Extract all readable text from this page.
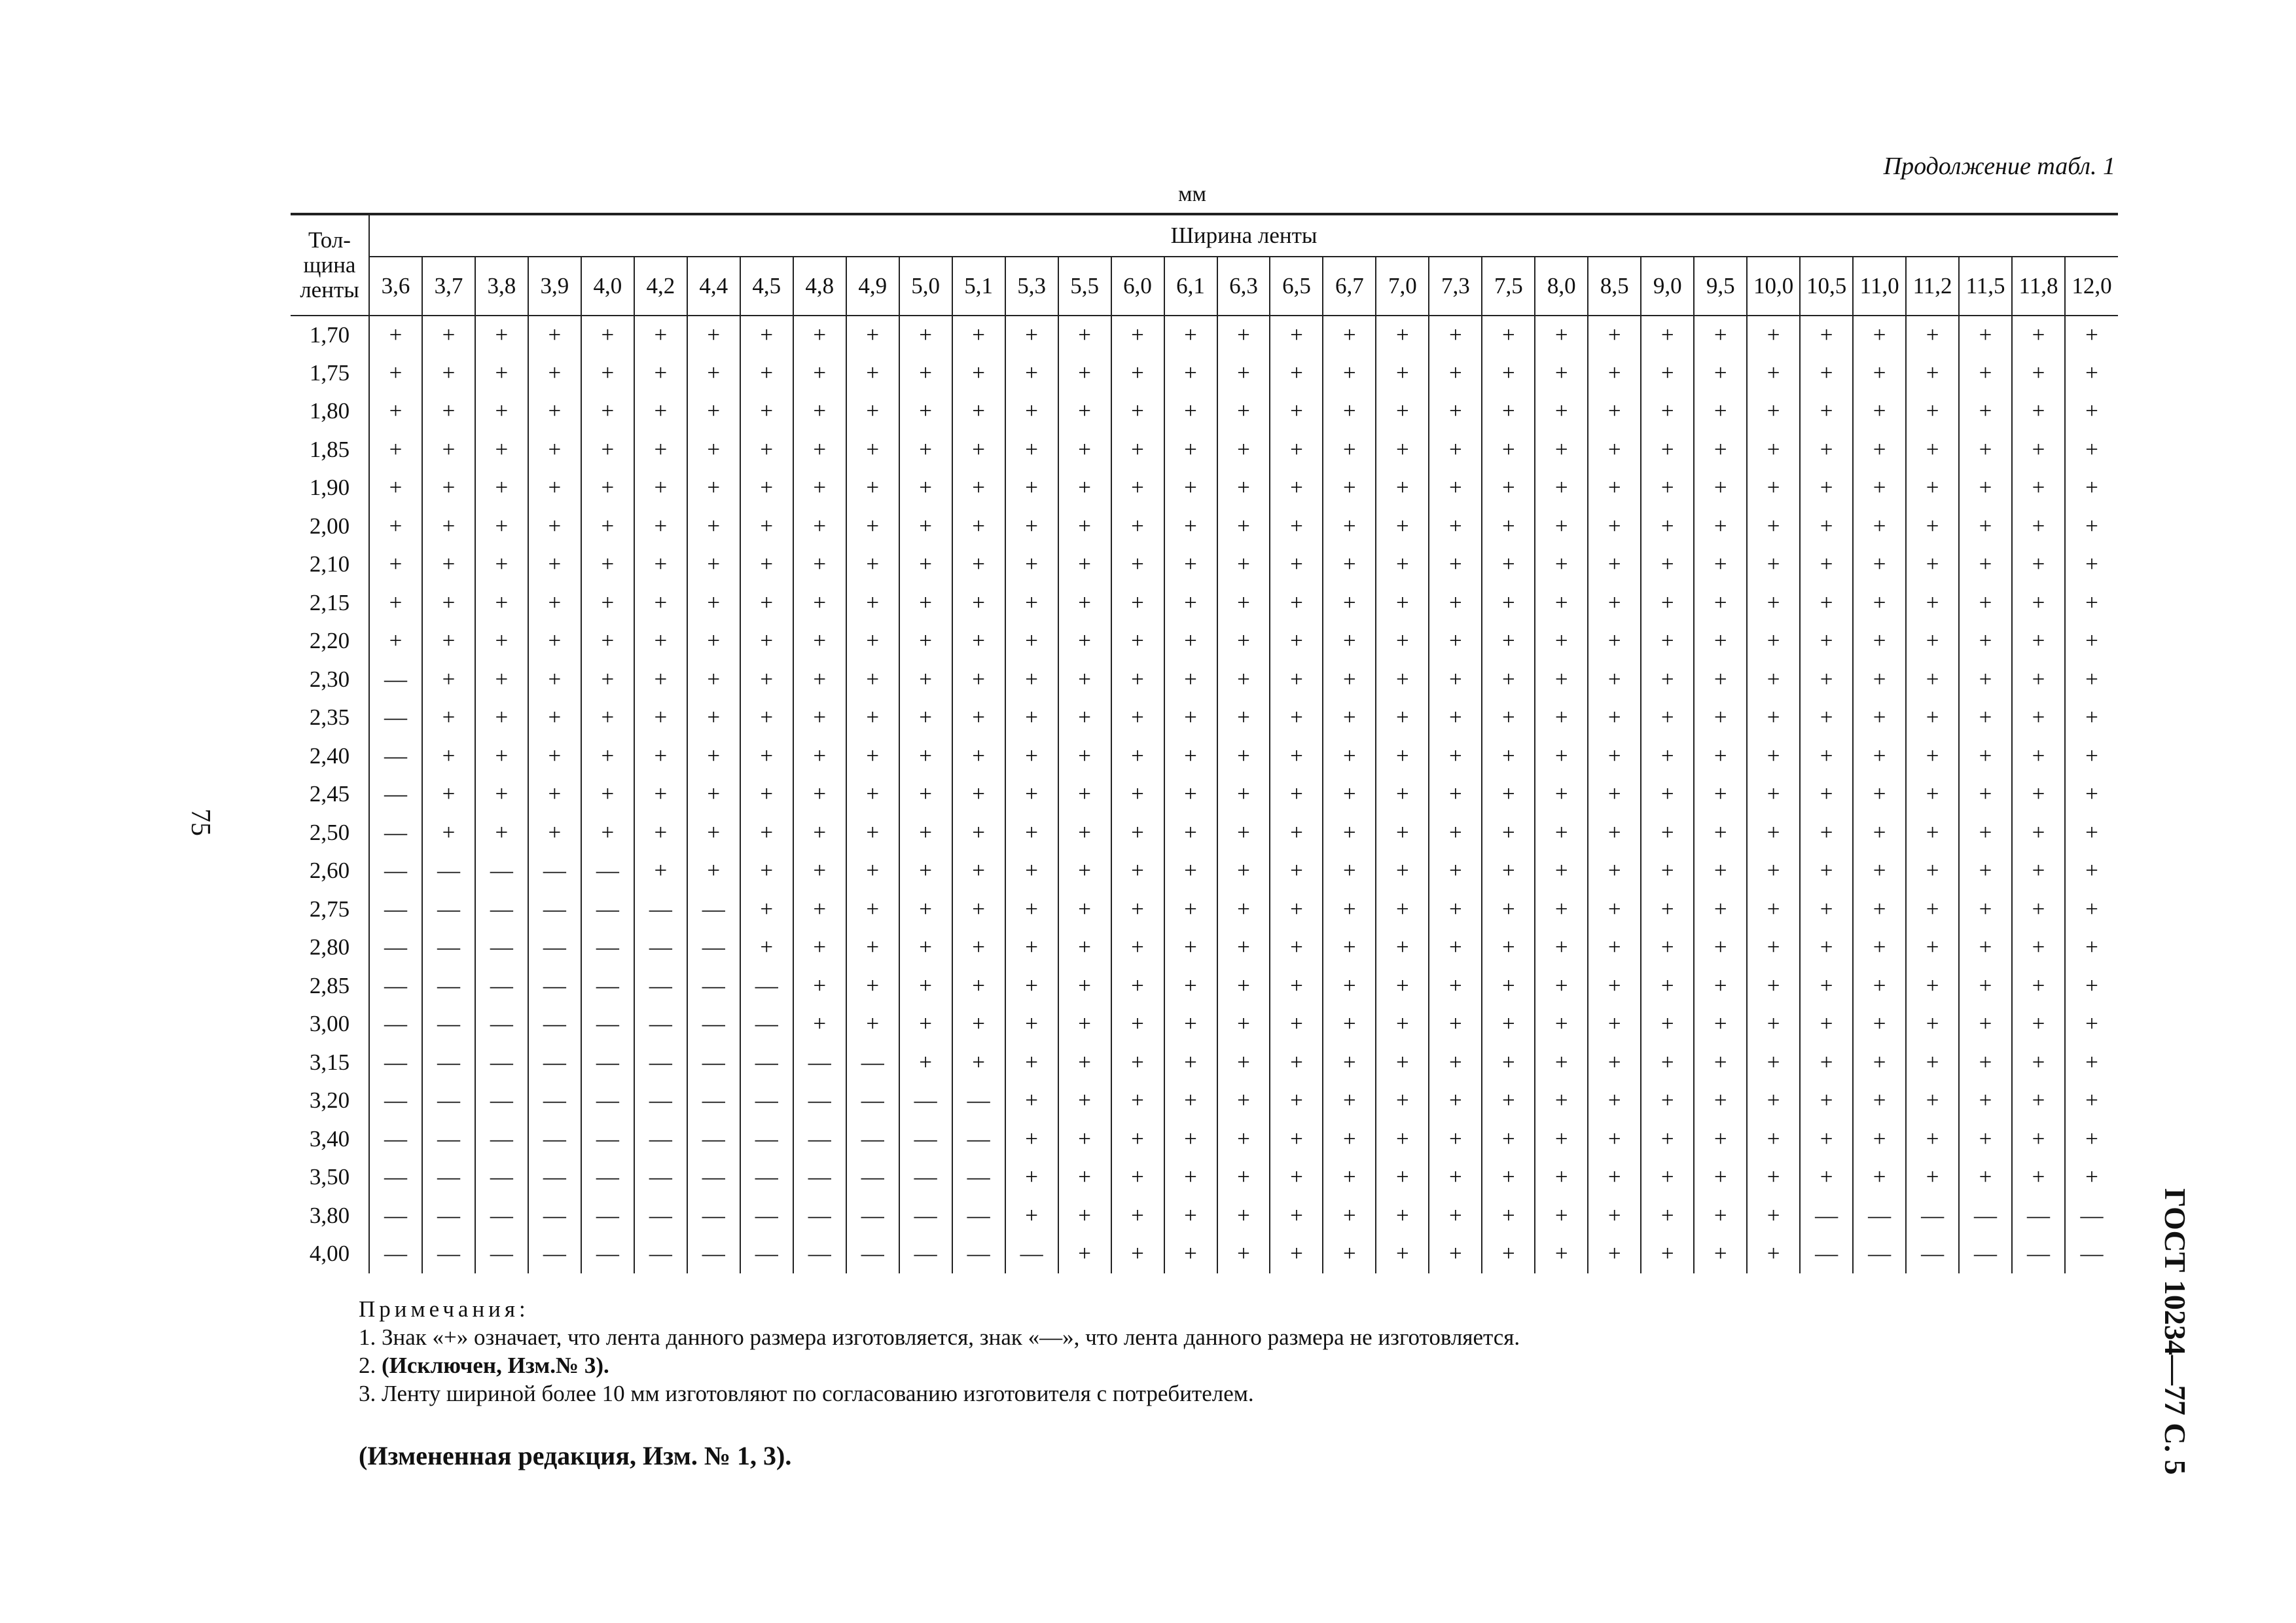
Продолжение табл. 1
мм
75
ГОСТ 10234—77 С. 5
Тол-
щина
ленты	Ширина ленты																																
	3,6	3,7	3,8	3,9	4,0	4,2	4,4	4,5	4,8	4,9	5,0	5,1	5,3	5,5	6,0	6,1	6,3	6,5	6,7	7,0	7,3	7,5	8,0	8,5	9,0	9,5	10,0	10,5	11,0	11,2	11,5	11,8	12,0
1,70	+	+	+	+	+	+	+	+	+	+	+	+	+	+	+	+	+	+	+	+	+	+	+	+	+	+	+	+	+	+	+	+	+
1,75	+	+	+	+	+	+	+	+	+	+	+	+	+	+	+	+	+	+	+	+	+	+	+	+	+	+	+	+	+	+	+	+	+
1,80	+	+	+	+	+	+	+	+	+	+	+	+	+	+	+	+	+	+	+	+	+	+	+	+	+	+	+	+	+	+	+	+	+
1,85	+	+	+	+	+	+	+	+	+	+	+	+	+	+	+	+	+	+	+	+	+	+	+	+	+	+	+	+	+	+	+	+	+
1,90	+	+	+	+	+	+	+	+	+	+	+	+	+	+	+	+	+	+	+	+	+	+	+	+	+	+	+	+	+	+	+	+	+
2,00	+	+	+	+	+	+	+	+	+	+	+	+	+	+	+	+	+	+	+	+	+	+	+	+	+	+	+	+	+	+	+	+	+
2,10	+	+	+	+	+	+	+	+	+	+	+	+	+	+	+	+	+	+	+	+	+	+	+	+	+	+	+	+	+	+	+	+	+
2,15	+	+	+	+	+	+	+	+	+	+	+	+	+	+	+	+	+	+	+	+	+	+	+	+	+	+	+	+	+	+	+	+	+
2,20	+	+	+	+	+	+	+	+	+	+	+	+	+	+	+	+	+	+	+	+	+	+	+	+	+	+	+	+	+	+	+	+	+
2,30	—	+	+	+	+	+	+	+	+	+	+	+	+	+	+	+	+	+	+	+	+	+	+	+	+	+	+	+	+	+	+	+	+
2,35	—	+	+	+	+	+	+	+	+	+	+	+	+	+	+	+	+	+	+	+	+	+	+	+	+	+	+	+	+	+	+	+	+
2,40	—	+	+	+	+	+	+	+	+	+	+	+	+	+	+	+	+	+	+	+	+	+	+	+	+	+	+	+	+	+	+	+	+
2,45	—	+	+	+	+	+	+	+	+	+	+	+	+	+	+	+	+	+	+	+	+	+	+	+	+	+	+	+	+	+	+	+	+
2,50	—	+	+	+	+	+	+	+	+	+	+	+	+	+	+	+	+	+	+	+	+	+	+	+	+	+	+	+	+	+	+	+	+
2,60	—	—	—	—	—	+	+	+	+	+	+	+	+	+	+	+	+	+	+	+	+	+	+	+	+	+	+	+	+	+	+	+	+
2,75	—	—	—	—	—	—	—	+	+	+	+	+	+	+	+	+	+	+	+	+	+	+	+	+	+	+	+	+	+	+	+	+	+
2,80	—	—	—	—	—	—	—	+	+	+	+	+	+	+	+	+	+	+	+	+	+	+	+	+	+	+	+	+	+	+	+	+	+
2,85	—	—	—	—	—	—	—	—	+	+	+	+	+	+	+	+	+	+	+	+	+	+	+	+	+	+	+	+	+	+	+	+	+
3,00	—	—	—	—	—	—	—	—	+	+	+	+	+	+	+	+	+	+	+	+	+	+	+	+	+	+	+	+	+	+	+	+	+
3,15	—	—	—	—	—	—	—	—	—	—	+	+	+	+	+	+	+	+	+	+	+	+	+	+	+	+	+	+	+	+	+	+	+
3,20	—	—	—	—	—	—	—	—	—	—	—	—	+	+	+	+	+	+	+	+	+	+	+	+	+	+	+	+	+	+	+	+	+
3,40	—	—	—	—	—	—	—	—	—	—	—	—	+	+	+	+	+	+	+	+	+	+	+	+	+	+	+	+	+	+	+	+	+
3,50	—	—	—	—	—	—	—	—	—	—	—	—	+	+	+	+	+	+	+	+	+	+	+	+	+	+	+	+	+	+	+	+	+
3,80	—	—	—	—	—	—	—	—	—	—	—	—	+	+	+	+	+	+	+	+	+	+	+	+	+	+	+	—	—	—	—	—	—
4,00	—	—	—	—	—	—	—	—	—	—	—	—	—	+	+	+	+	+	+	+	+	+	+	+	+	+	+	—	—	—	—	—	—
Примечания:
1. Знак «+» означает, что лента данного размера изготовляется, знак «—», что лента данного размера не изготовляется.
2. (Исключен, Изм.№ 3).
3. Ленту шириной более 10 мм изготовляют по согласованию изготовителя с потребителем.
(Измененная редакция, Изм. № 1, 3).
